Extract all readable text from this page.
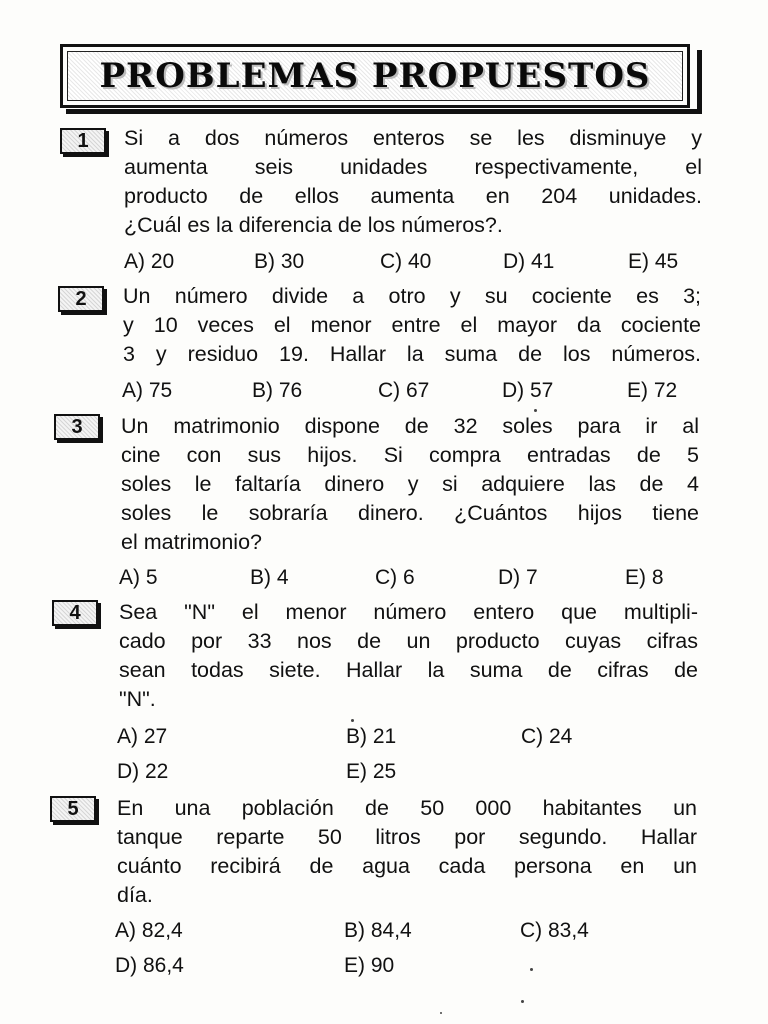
PROBLEMAS PROPUESTOS
1 Si a dos números enteros se les disminuye y
aumenta seis unidades respectivamente, el
producto de ellos aumenta en 204 unidades.
¿Cuál es la diferencia de los números?.
A) 20	B) 30	C) 40	D) 41	E) 45
2 Un número divide a otro y su cociente es 3;
y 10 veces el menor entre el mayor da cociente
3 y residuo 19. Hallar la suma de los números.
A) 75	B) 76	C) 67	D) 57	E) 72
3 Un matrimonio dispone de 32 soles para ir al
cine con sus hijos. Si compra entradas de 5
soles le faltaría dinero y si adquiere las de 4
soles le sobraría dinero. ¿Cuántos hijos tiene
el matrimonio?
A) 5	B) 4	C) 6	D) 7	E) 8
4 Sea "N" el menor número entero que multipli-
cado por 33 nos de un producto cuyas cifras
sean todas siete. Hallar la suma de cifras de
"N".
A) 27	B) 21	C) 24
D) 22	E) 25
5 En una población de 50 000 habitantes un
tanque reparte 50 litros por segundo. Hallar
cuánto recibirá de agua cada persona en un
día.
A) 82,4	B) 84,4	C) 83,4
D) 86,4	E) 90
